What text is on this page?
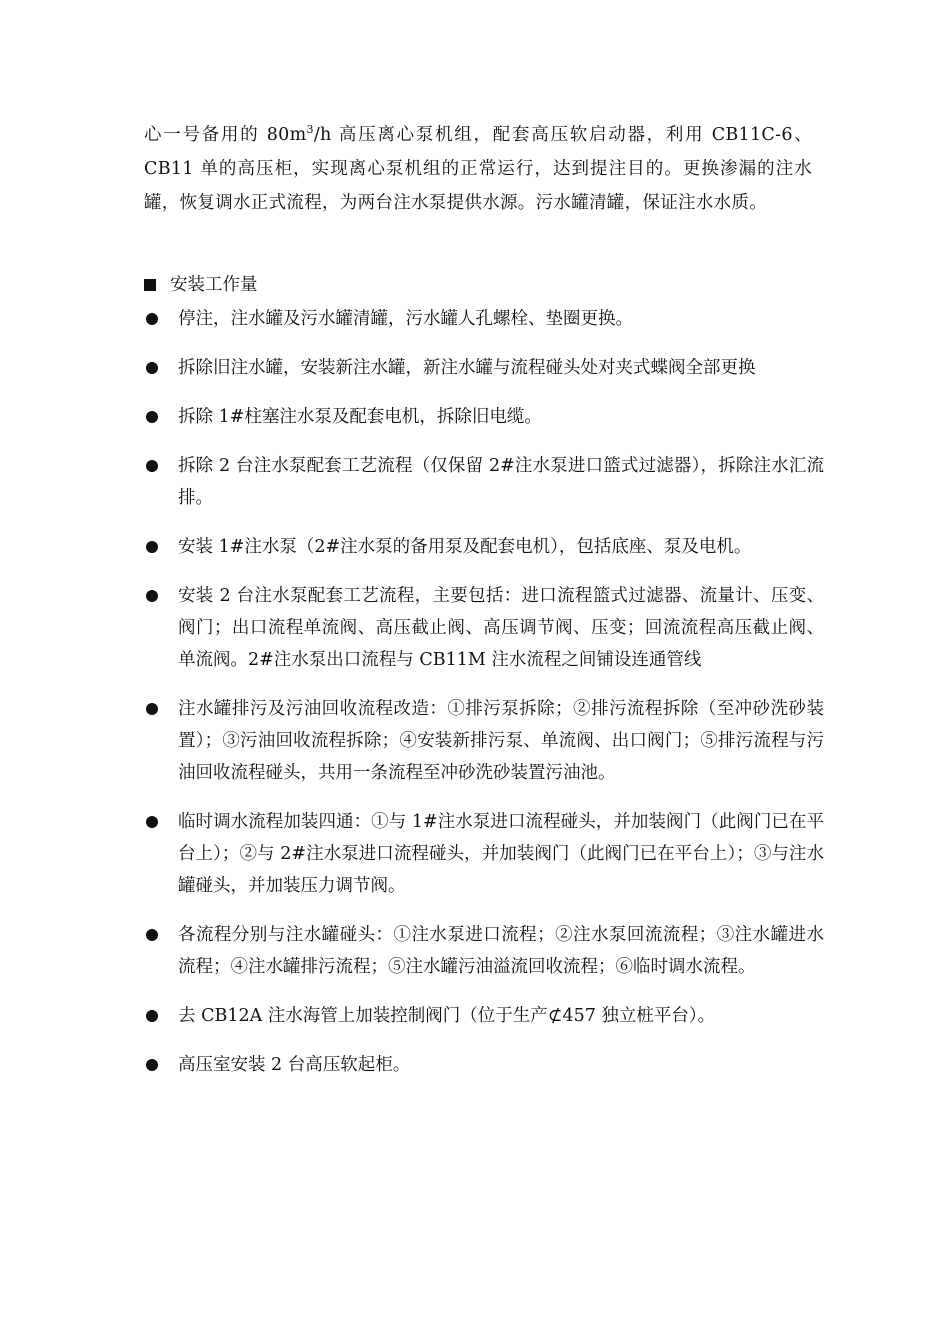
心一号备用的 $80m^3/h$ 高压离心泵机组，配套高压软启动器，利用 CB11C-6、CB11 单的高压柜，实现离心泵机组的正常运行，达到提注目的。更换渗漏的注水罐，恢复调水正式流程，为两台注水泵提供水源。污水罐清罐，保证注水水质。

安装工作量
停注，注水罐及污水罐清罐，污水罐人孔螺栓、垫圈更换。
拆除旧注水罐，安装新注水罐，新注水罐与流程碰头处对夹式蝶阀全部更换
拆除 1#柱塞注水泵及配套电机，拆除旧电缆。
拆除 2 台注水泵配套工艺流程（仅保留 2#注水泵进口篮式过滤器），拆除注水汇流排。
安装 1#注水泵（2#注水泵的备用泵及配套电机），包括底座、泵及电机。
安装 2 台注水泵配套工艺流程，主要包括：进口流程篮式过滤器、流量计、压变、阀门；出口流程单流阀、高压截止阀、高压调节阀、压变；回流流程高压截止阀、单流阀。2#注水泵出口流程与 CB11M 注水流程之间铺设连通管线
注水罐排污及污油回收流程改造：①排污泵拆除；②排污流程拆除（至冲砂洗砂装置）；③污油回收流程拆除；④安装新排污泵、单流阀、出口阀门；⑤排污流程与污油回收流程碰头，共用一条流程至冲砂洗砂装置污油池。
临时调水流程加装四通：①与 1#注水泵进口流程碰头，并加装阀门（此阀门已在平台上）；②与 2#注水泵进口流程碰头，并加装阀门（此阀门已在平台上）；③与注水罐碰头，并加装压力调节阀。
各流程分别与注水罐碰头：①注水泵进口流程；②注水泵回流流程；③注水罐进水流程；④注水罐排污流程；⑤注水罐污油溢流回收流程；⑥临时调水流程。
去 CB12A 注水海管上加装控制阀门（位于生产⊄457 独立桩平台）。
高压室安装 2 台高压软起柜。
